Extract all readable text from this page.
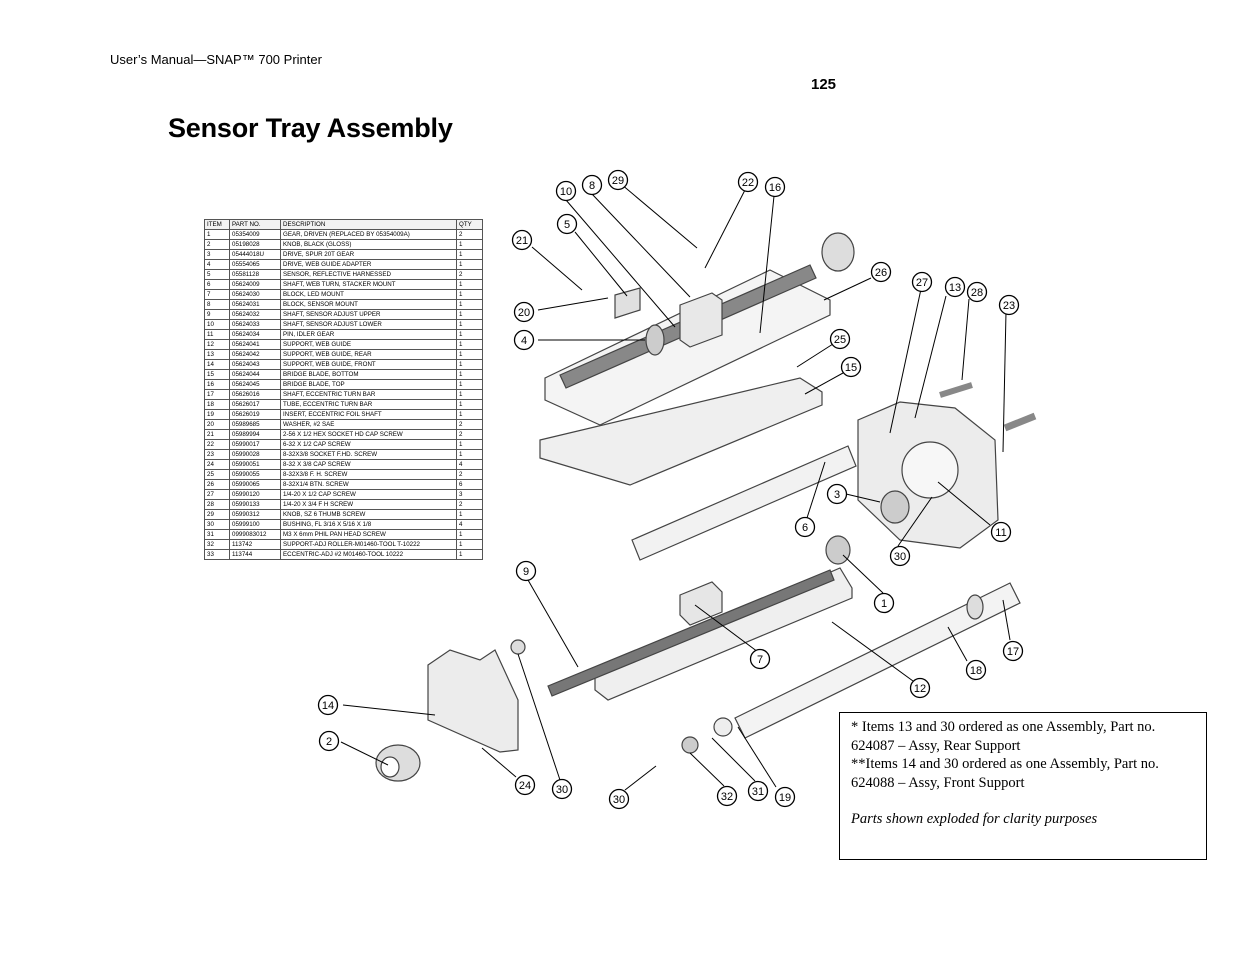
User’s Manual—SNAP™ 700 Printer
125
Sensor Tray Assembly
ITEM	PART NO.	DESCRIPTION	QTY
1	05354009	GEAR, DRIVEN (REPLACED BY 05354009A)	2
2	05198028	KNOB, BLACK (GLOSS)	1
3	05444018U	DRIVE, SPUR 20T GEAR	1
4	05554065	DRIVE, WEB GUIDE ADAPTER	1
5	05581128	SENSOR, REFLECTIVE HARNESSED	2
6	05624009	SHAFT, WEB TURN, STACKER MOUNT	1
7	05624030	BLOCK, LED MOUNT	1
8	05624031	BLOCK, SENSOR MOUNT	1
9	05624032	SHAFT, SENSOR ADJUST UPPER	1
10	05624033	SHAFT, SENSOR ADJUST LOWER	1
11	05624034	PIN, IDLER GEAR	1
12	05624041	SUPPORT, WEB GUIDE	1
13	05624042	SUPPORT, WEB GUIDE, REAR	1
14	05624043	SUPPORT, WEB GUIDE, FRONT	1
15	05624044	BRIDGE BLADE, BOTTOM	1
16	05624045	BRIDGE BLADE, TOP	1
17	05626016	SHAFT, ECCENTRIC TURN BAR	1
18	05626017	TUBE, ECCENTRIC TURN BAR	1
19	05626019	INSERT, ECCENTRIC FOIL SHAFT	1
20	05989685	WASHER, #2 SAE	2
21	05989994	2-56 X 1/2 HEX SOCKET HD CAP SCREW	2
22	05990017	6-32 X 1/2 CAP SCREW	1
23	05990028	8-32X3/8 SOCKET F.HD. SCREW	1
24	05990051	8-32 X 3/8 CAP SCREW	4
25	05990055	8-32X3/8 F. H. SCREW	2
26	05990065	8-32X1/4 BTN. SCREW	6
27	05990120	1/4-20 X 1/2 CAP SCREW	3
28	05990133	1/4-20 X 3/4 F H SCREW	2
29	05990312	KNOB, SZ 6 THUMB SCREW	1
30	05999100	BUSHING, FL 3/16 X 5/16 X 1/8	4
31	0999083012	M3 X 6mm PHIL PAN HEAD SCREW	1
32	113742	SUPPORT-ADJ ROLLER-M01460-TOOL T-10222	1
33	113744	ECCENTRIC-ADJ #2 M01460-TOOL 10222	1
1
2
3
4
5
6
7
8
9
10
11
12
13
14
15
16
17
18
19
20
21
22
23
24
25
26
27
28
29
30
30
30
31
32

* Items 13 and 30 ordered as one Assembly, Part no.

624087 – Assy, Rear Support

**Items 14 and 30 ordered as one Assembly, Part no.

624088 – Assy, Front Support

Parts shown exploded for clarity purposes
